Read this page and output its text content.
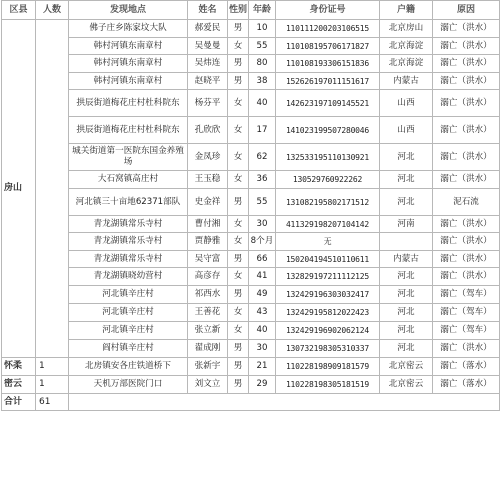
区县	人数	发现地点	姓名	性别	年龄	身份证号	户籍	原因
房山		佛子庄乡陈家坟大队	郝爱民	男	10	110111200203106515	北京房山	溺亡（洪水）
		韩村河镇东南章村	吴曼曼	女	55	110108195706171827	北京海淀	溺亡（洪水）
		韩村河镇东南章村	吴炜连	男	80	110108193306151836	北京海淀	溺亡（洪水）
		韩村河镇东南章村	赵晓平	男	38	152626197011151617	内蒙古	溺亡（洪水）
		拱辰街道梅花庄村杜科院东	杨芬平	女	40	142623197109145521	山西	溺亡（洪水）
		拱辰街道梅花庄村杜科院东	孔欣欣	女	17	141023199507280046	山西	溺亡（洪水）
		城关街道第一医院东国金养殖场	金凤珍	女	62	132533195110130921	河北	溺亡（洪水）
		大石窝镇高庄村	王玉稳	女	36	130529760922262	河北	溺亡（洪水）
		河北镇三十亩地62371部队	史金祥	男	55	131082195802171512	河北	泥石流
		青龙湖镇常乐寺村	曹付湘	女	30	411329198207104142	河南	溺亡（洪水）
		青龙湖镇常乐寺村	贾静雅	女	8个月	无		溺亡（洪水）
		青龙湖镇常乐寺村	吴守富	男	66	150204194510110611	内蒙古	溺亡（洪水）
		青龙湖镇晓幼营村	高彦存	女	41	132829197211112125	河北	溺亡（洪水）
		河北镇辛庄村	祁西水	男	49	132429196303032417	河北	溺亡（驾车）
		河北镇辛庄村	王善花	女	43	132429195812022423	河北	溺亡（驾车）
		河北镇辛庄村	张立新	女	40	132429196902062124	河北	溺亡（驾车）
		阎村镇辛庄村	翟成刚	男	30	130732198305310337	河北	溺亡（洪水）
怀柔	1	北房镇安各庄铁道桥下	张新宇	男	21	110228198909181579	北京密云	溺亡（落水）
密云	1	天机万部医院门口	刘文立	男	29	110228198305181519	北京密云	溺亡（落水）
合计	61							
